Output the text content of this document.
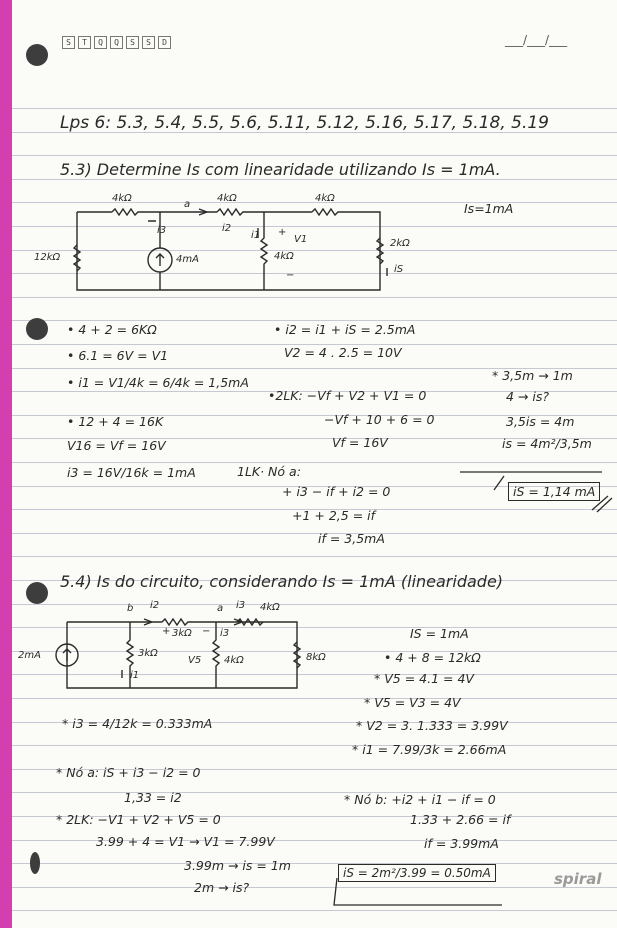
S	T	Q	Q	S	S	D	___/___/___
Lps 6: 5.3, 5.4, 5.5, 5.6, 5.11, 5.12, 5.16, 5.17, 5.18, 5.19
5.3) Determine Is com linearidade utilizando Is = 1mA.
Is=1mA
4kΩ	4kΩ	4kΩ
12kΩ	4kΩ
2kΩ
4mA
a
i3	i2
i1	V1
iS
+
−
• 4 + 2 = 6KΩ
• 6.1 = 6V = V1
• i1 = V1/4k = 6/4k = 1,5mA
• 12 + 4 = 16K
V16 = Vf = 16V
i3 = 16V/16k = 1mA
• i2 = i1 + iS = 2.5mA
V2 = 4 . 2.5 = 10V
•2LK: −Vf + V2 + V1 = 0
−Vf + 10 + 6 = 0
Vf = 16V
1LK· Nó a:
+ i3 − if + i2 = 0
+1 + 2,5 = if
if = 3,5mA
* 3,5m → 1m
4 → is?
3,5is = 4m
is = 4m²/3,5m
iS = 1,14 mA
5.4) Is do circuito, considerando Is = 1mA (linearidade)
b i2	a i3 4kΩ
3kΩ
3kΩ
V5 4kΩ	8kΩ
i1
i3
2mA
+	−	IS = 1mA
• 4 + 8 = 12kΩ
* V5 = 4.1 = 4V
* V5 = V3 = 4V
* V2 = 3. 1.333 = 3.99V
* i1 = 7.99/3k = 2.66mA
* Nó b: +i2 + i1 − if = 0
1.33 + 2.66 = if
if = 3.99mA
* i3 = 4/12k = 0.333mA
* Nó a: iS + i3 − i2 = 0
1,33 = i2
* 2LK: −V1 + V2 + V5 = 0
3.99 + 4 = V1 → V1 = 7.99V
3.99m → is = 1m
2m → is?
iS = 2m²/3.99 = 0.50mA	spiral
